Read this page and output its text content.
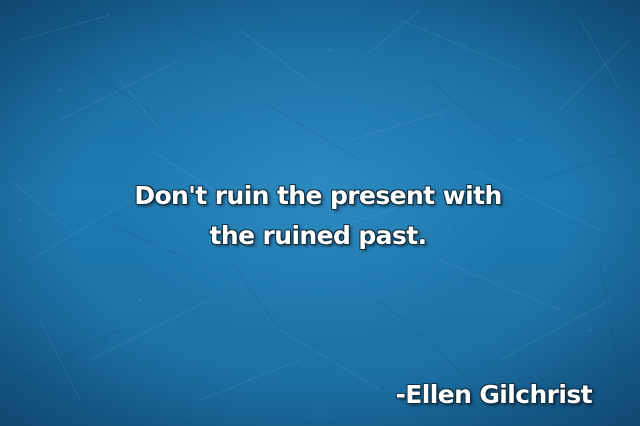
Don't ruin the present with
the ruined past.

-Ellen Gilchrist
